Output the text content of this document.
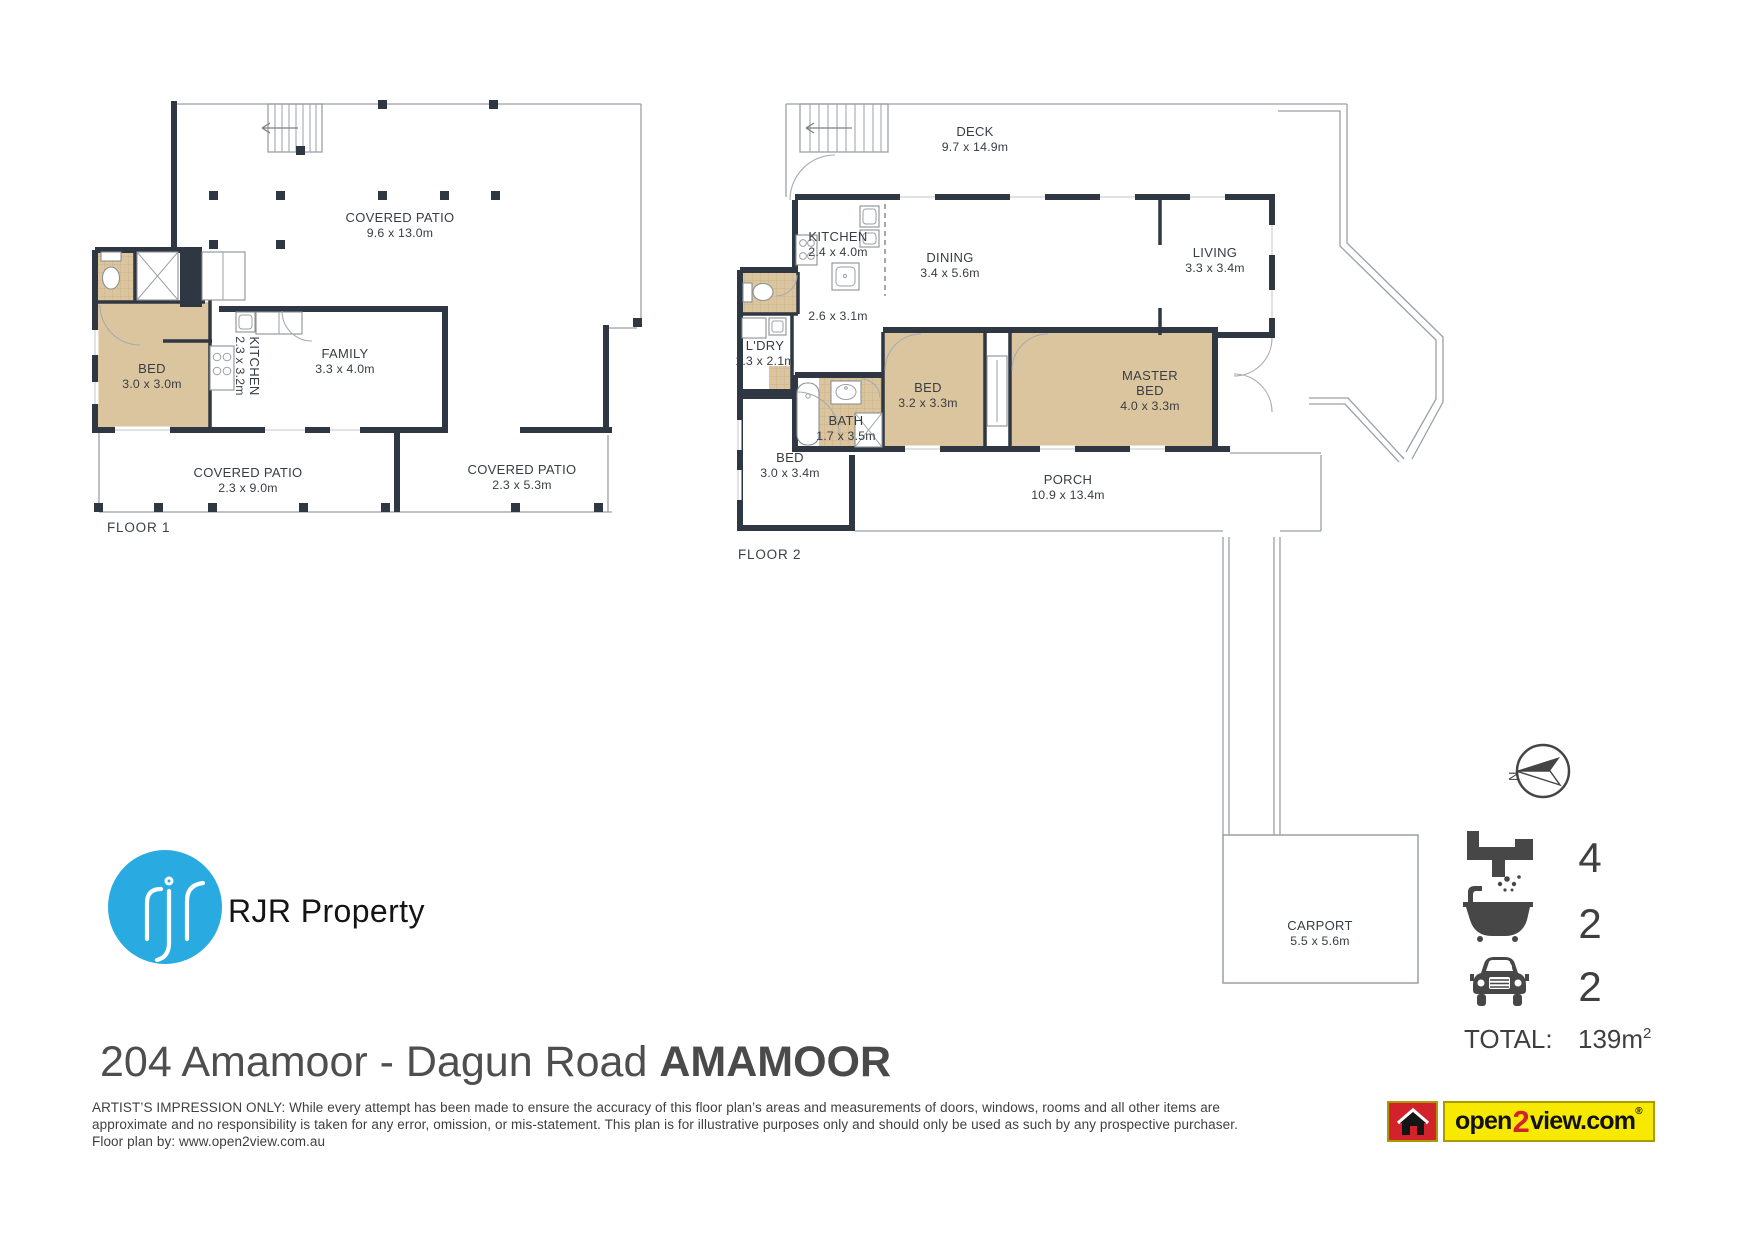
COVERED PATIO
9.6 x 13.0m
BED
3.0 x 3.0m	KITCHEN
2.3 x 3.2m	FAMILY
3.3 x 4.0m
COVERED PATIO
2.3 x 9.0m
COVERED PATIO
2.3 x 5.3m
FLOOR 1
DECK
9.7 x 14.9m
KITCHEN
2.4 x 4.0m	DINING
3.4 x 5.6m
LIVING
3.3 x 3.4m
2.6 x 3.1m
L'DRY
1.3 x 2.1m
BATH
1.7 x 3.5m
BED
3.2 x 3.3m
MASTER
BED
4.0 x 3.3m
BED
3.0 x 3.4m	PORCH
10.9 x 13.4m
FLOOR 2
CARPORT
5.5 x 5.6m
N
4
2
2
TOTAL: $139m^2$
RJR Property
204 Amamoor - Dagun Road AMAMOOR
ARTIST’S IMPRESSION ONLY: While every attempt has been made to ensure the accuracy of this floor plan’s areas and measurements of doors, windows, rooms and all other items are
approximate and no responsibility is taken for any error, omission, or mis-statement. This plan is for illustrative purposes only and should only be used as such by any prospective purchaser.
Floor plan by: www.open2view.com.au
open 2 view.com ®
